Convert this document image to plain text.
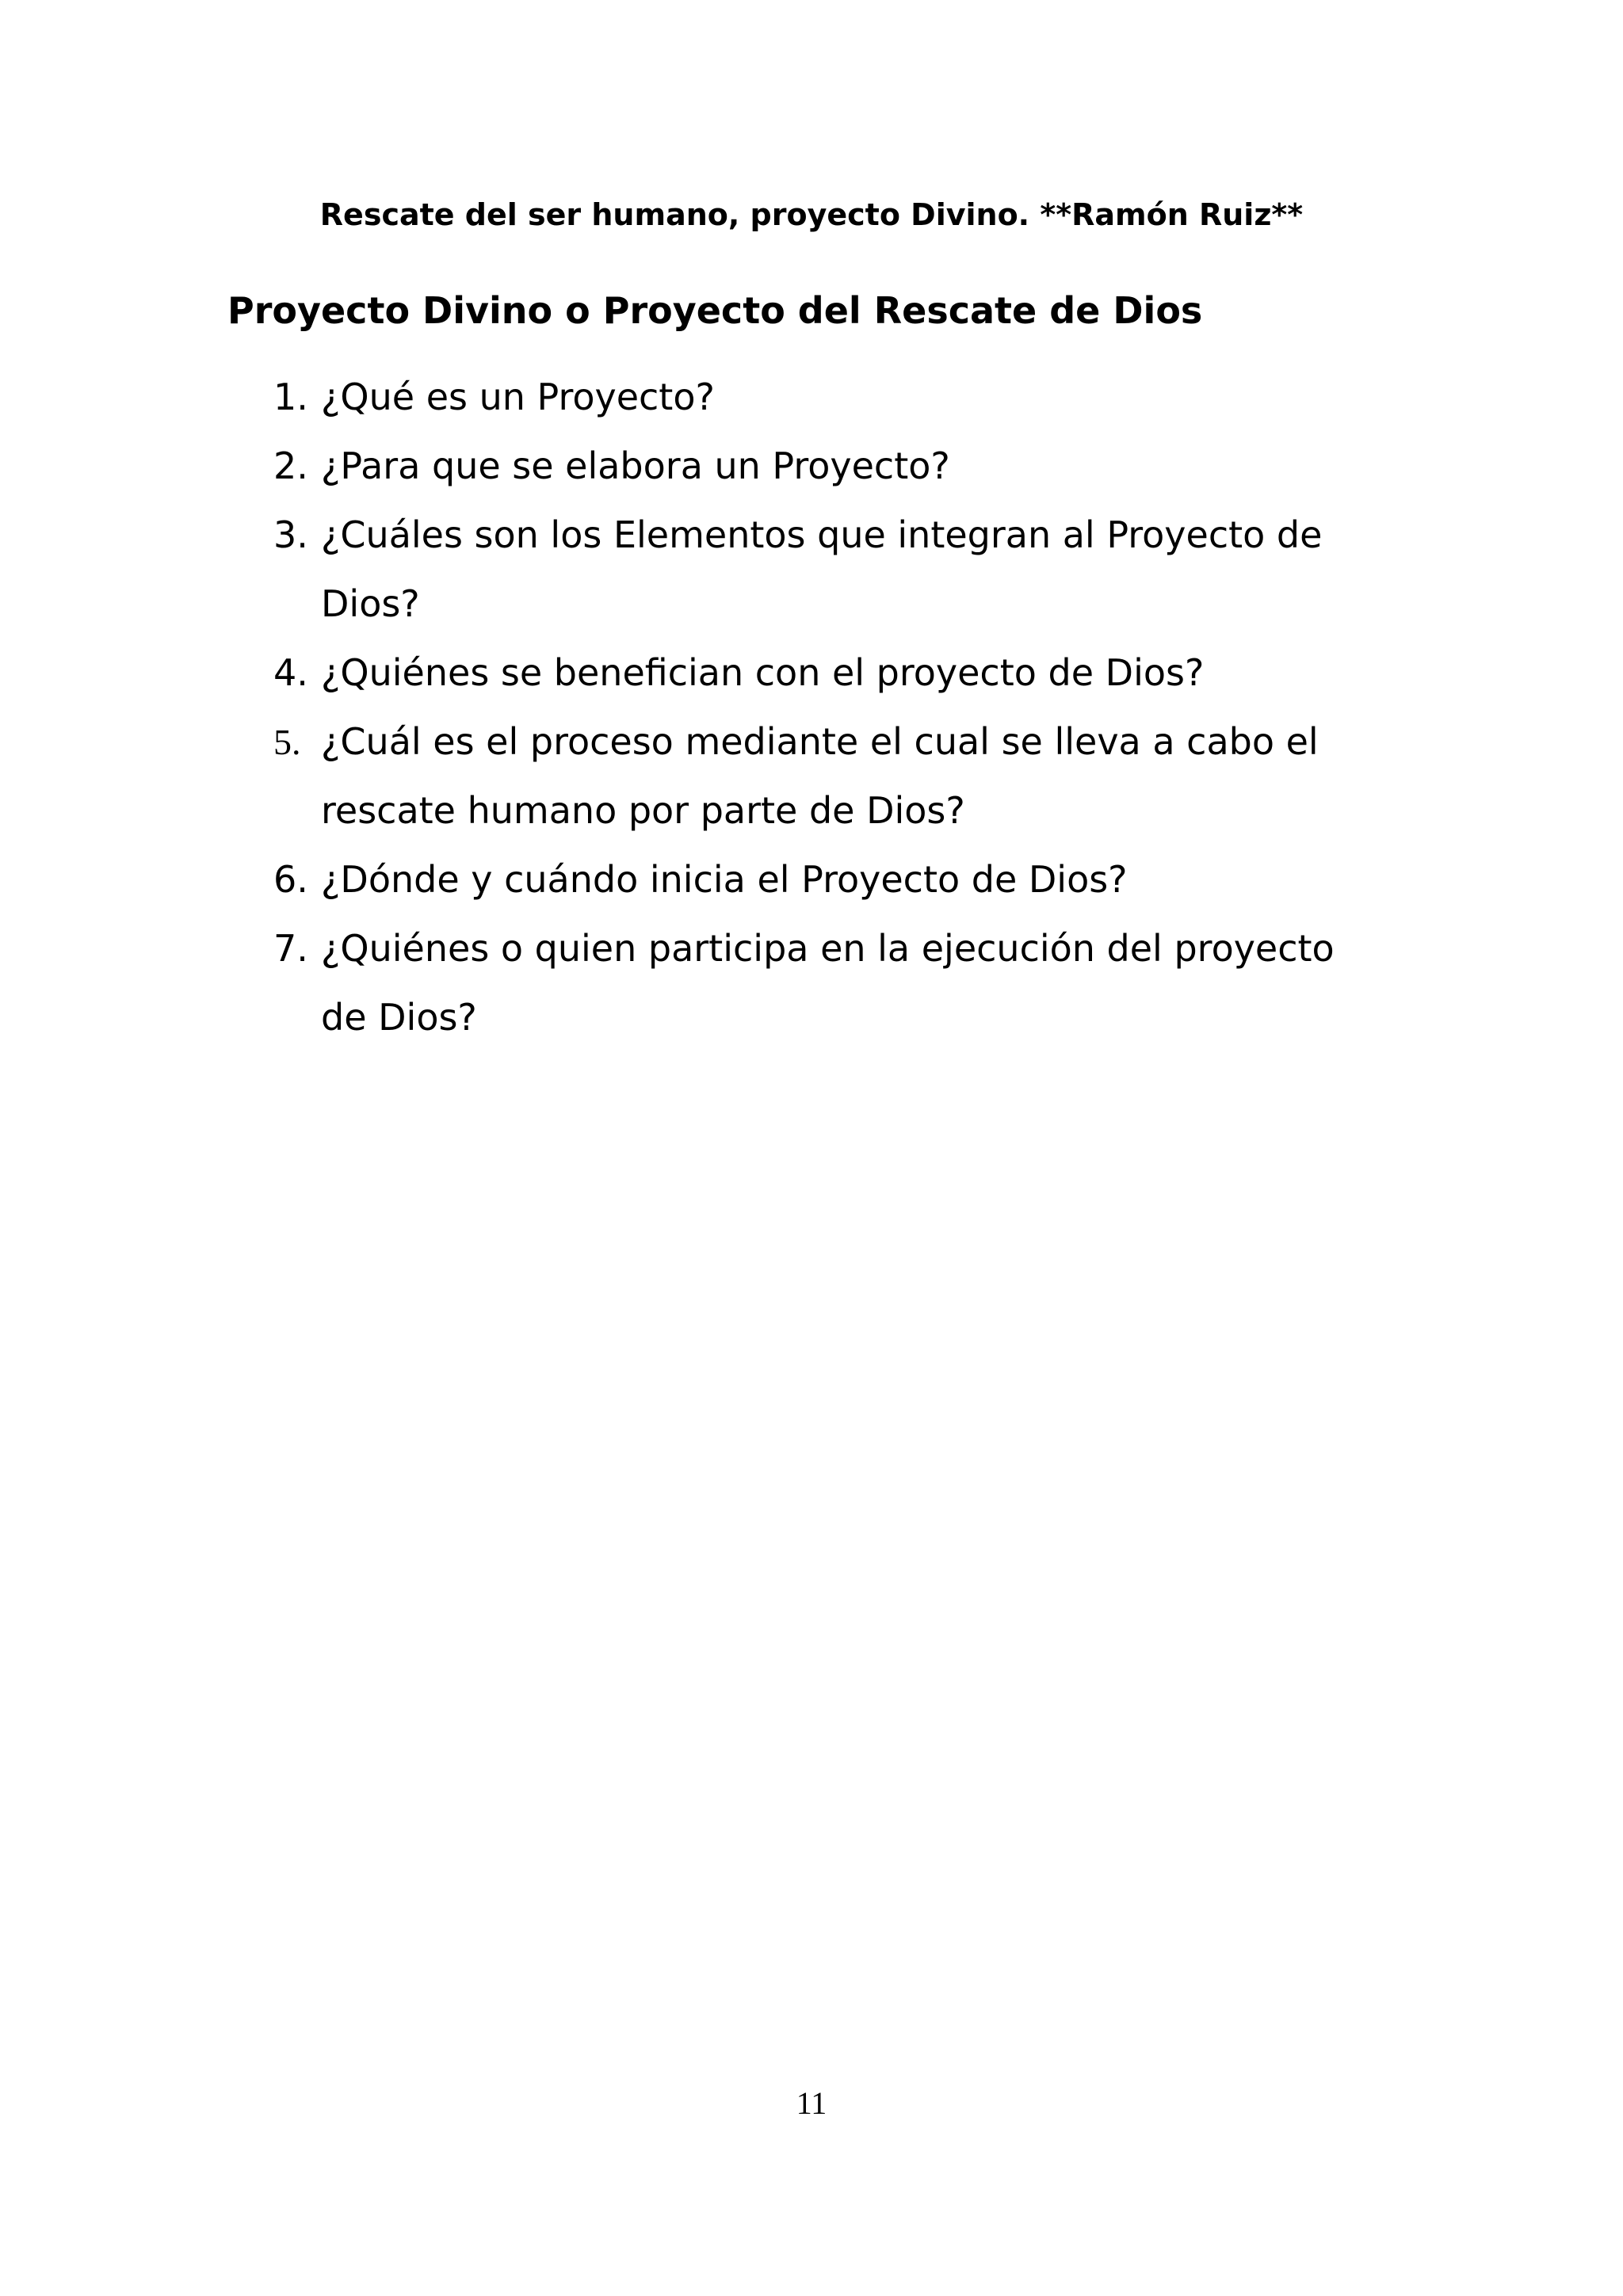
Rescate del ser humano, proyecto Divino. **Ramón Ruiz**
Proyecto Divino o Proyecto del Rescate de Dios
1. ¿Qué es un Proyecto?
2. ¿Para que se elabora un Proyecto?
3. ¿Cuáles son los Elementos que integran al Proyecto de Dios?
4. ¿Quiénes se benefician con el proyecto de Dios?
5. ¿Cuál es el proceso mediante el cual se lleva a cabo el rescate humano por parte de Dios?
6. ¿Dónde y cuándo inicia el Proyecto de Dios?
7. ¿Quiénes o quien participa en la ejecución del proyecto de Dios?
11
